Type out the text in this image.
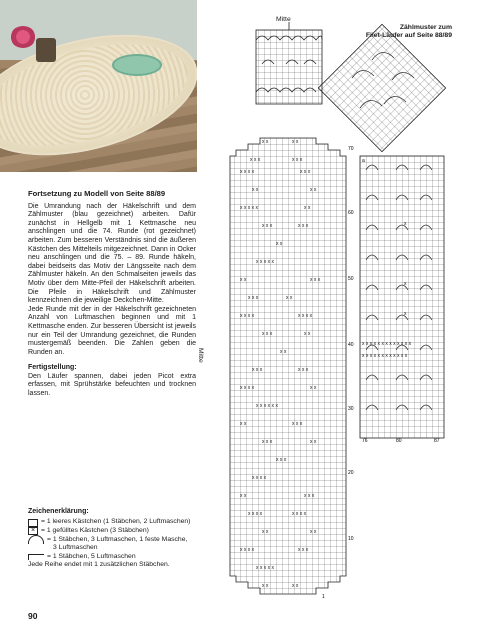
Fortsetzung zu Modell von Seite 88/89

Die Umrandung nach der Häkelschrift und dem Zählmuster (blau gezeichnet) arbeiten. Dafür zunächst in Hellgelb mit 1 Kettmasche neu anschlingen und die 74. Runde (rot gezeichnet) arbeiten. Zum besseren Verständnis sind die äußeren Kästchen des Mittelteils mitgezeichnet. Dann in Ocker neu anschlingen und die 75. – 89. Runde häkeln, dabei beidseits das Motiv der Längsseite nach dem Zählmuster häkeln. An den Schmalseiten jeweils das Motiv über dem Mitte-Pfeil der Häkelschrift arbeiten. Die Pfeile in Häkelschrift und Zählmuster kennzeichnen die jeweilige Deckchen-Mitte.

Jede Runde mit der in der Häkelschrift gezeichneten Anzahl von Luftmaschen beginnen und mit 1 Kettmasche enden. Zur besseren Übersicht ist jeweils nur ein Teil der Umrandung gezeichnet, die Runden mustergemäß beenden. Die Zahlen geben die Runden an.

Fertigstellung:

Den Läufer spannen, dabei jeden Picot extra erfassen, mit Sprühstärke befeuchten und trocknen lassen.

Zeichenerklärung:
= 1 leeres Kästchen (1 Stäbchen, 2 Luftmaschen)
× = 1 gefülltes Kästchen (3 Stäbchen)
= 1 Stäbchen, 3 Luftmaschen, 1 feste Masche,
3 Luftmaschen
= 1 Stäbchen, 5 Luftmaschen
Jede Reihe endet mit 1 zusätzlichen Stäbchen.
90
Mitte
Zählmuster zum
Filet-Läufer auf Seite 88/89
Mitte
x x	x x
x x x	x x x
x x x x	x x x
x x	x x
x x x x x	x x
x x x	x x x
x x
x x x x x
x x	x x x
x x x	x x
x x x x	x x x x
x x x	x x
x x
x x x	x x x
x x x x	x x
x x x x x x
x x	x x x
x x x	x x
x x x
x x x x
x x	x x x
x x x x	x x x x
x x	x x
x x x x	x x x
x x x x x
x x	x x
70
60
50
40
30
20
10
1
a
x x x x x x x x x x x x x
x x x x x x x x x x x x
x
x
x
76	80	87
